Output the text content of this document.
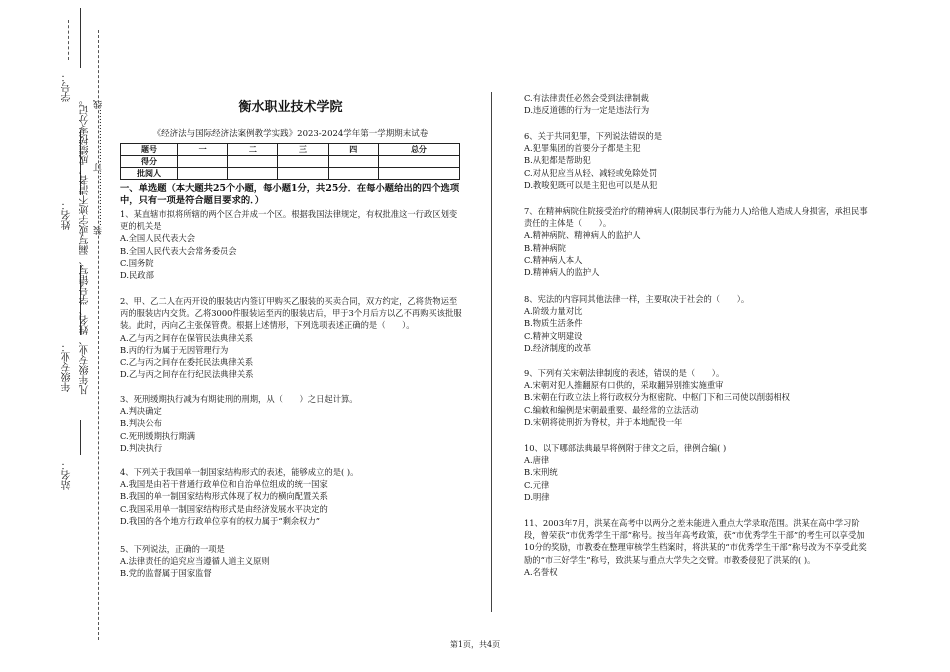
学号：
姓名：
年级专业：
站名：
凡年级专业、姓名、学号错写、漏写或字迹不清者，成绩按零分记。 装………………订………………线	衡水职业技术学院
《经济法与国际经济法案例教学实践》2023-2024学年第一学期期末试卷
题号	一	二	三	四	总分
得分					
批阅人					
一、单选题（本大题共25个小题，每小题1分，共25分．在每小题给出的四个选项中，只有一项是符合题目要求的．）

1、某直辖市拟将所辖的两个区合并成一个区。根据我国法律规定，有权批准这一行政区划变更的机关是

A.全国人民代表大会

B.全国人民代表大会常务委员会

C.国务院

D.民政部

2、甲、乙二人在丙开设的服装店内签订甲购买乙服装的买卖合同，双方约定，乙将货物运至丙的服装店内交货。乙将3000件服装运至丙的服装店后，甲于3个月后方以乙不再购买该批服装。此时，丙向乙主张保管费。根据上述情形，下列选项表述正确的是（　　）。

A.乙与丙之间存在保管民法典律关系

B.丙的行为属于无因管理行为

C.乙与丙之间存在委托民法典律关系

D.乙与丙之间存在行纪民法典律关系

3、死刑缓期执行减为有期徒刑的刑期，从（　　）之日起计算。

A.判决确定

B.判决公布

C.死刑缓期执行期满

D.判决执行

4、下列关于我国单一制国家结构形式的表述，能够成立的是( )。

A.我国是由若干普通行政单位和自治单位组成的统一国家

B.我国的单一制国家结构形式体现了权力的横向配置关系

C.我国采用单一制国家结构形式是由经济发展水平决定的

D.我国的各个地方行政单位享有的权力属于“剩余权力”

5、下列说法，正确的一项是

A.法律责任的追究应当遵循人道主义原则

B.党的监督属于国家监督

C.有法律责任必然会受到法律制裁

D.违反道德的行为一定是违法行为

6、关于共同犯罪，下列说法错误的是

A.犯罪集团的首要分子都是主犯

B.从犯都是帮助犯

C.对从犯应当从轻、减轻或免除处罚

D.教唆犯既可以是主犯也可以是从犯

7、在精神病院住院接受治疗的精神病人(限制民事行为能力人)给他人造成人身损害，承担民事责任的主体是（　　）。

A.精神病院、精神病人的监护人

B.精神病院

C.精神病人本人

D.精神病人的监护人

8、宪法的内容同其他法律一样，主要取决于社会的（　　）。

A.阶级力量对比

B.物质生活条件

C.精神文明建设

D.经济制度的改革

9、下列有关宋朝法律制度的表述，错误的是（　　）。

A.宋朝对犯人推翻原有口供的，采取翻异别推实施重审

B.宋朝在行政立法上将行政权分为枢密院、中枢门下和三司使以削弱相权

C.编敕和编例是宋朝最重要、最经常的立法活动

D.宋朝将徒刑折为脊杖，并于本地配役一年

10、以下哪部法典最早将例附于律文之后，律例合编( )

A.唐律

B.宋刑统

C.元律

D.明律

11、2003年7月，洪某在高考中以两分之差未能进入重点大学录取范围。洪某在高中学习阶段，曾荣获“市优秀学生干部”称号。按当年高考政策，获“市优秀学生干部”的考生可以享受加10分的奖励，市教委在整理审核学生档案时，将洪某的“市优秀学生干部”称号改为不享受此奖励的“市三好学生”称号，致洪某与重点大学失之交臂。市教委侵犯了洪某的( )。

A.名誉权

第1页，共4页
